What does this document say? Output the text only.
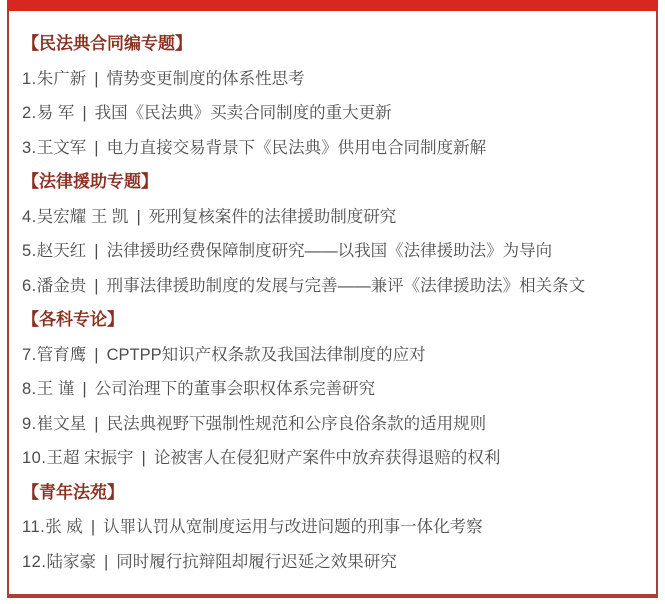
【民法典合同编专题】
1.朱广新 | 情势变更制度的体系性思考
2.易 军 | 我国《民法典》买卖合同制度的重大更新
3.王文军 | 电力直接交易背景下《民法典》供用电合同制度新解
【法律援助专题】
4.吴宏耀 王 凯 | 死刑复核案件的法律援助制度研究
5.赵天红 | 法律援助经费保障制度研究——以我国《法律援助法》为导向
6.潘金贵 | 刑事法律援助制度的发展与完善——兼评《法律援助法》相关条文
【各科专论】
7.管育鹰 | CPTPP知识产权条款及我国法律制度的应对
8.王 谨 | 公司治理下的董事会职权体系完善研究
9.崔文星 | 民法典视野下强制性规范和公序良俗条款的适用规则
10.王超 宋振宇 | 论被害人在侵犯财产案件中放弃获得退赔的权利
【青年法苑】
11.张 威 | 认罪认罚从宽制度运用与改进问题的刑事一体化考察
12.陆家豪 | 同时履行抗辩阻却履行迟延之效果研究
